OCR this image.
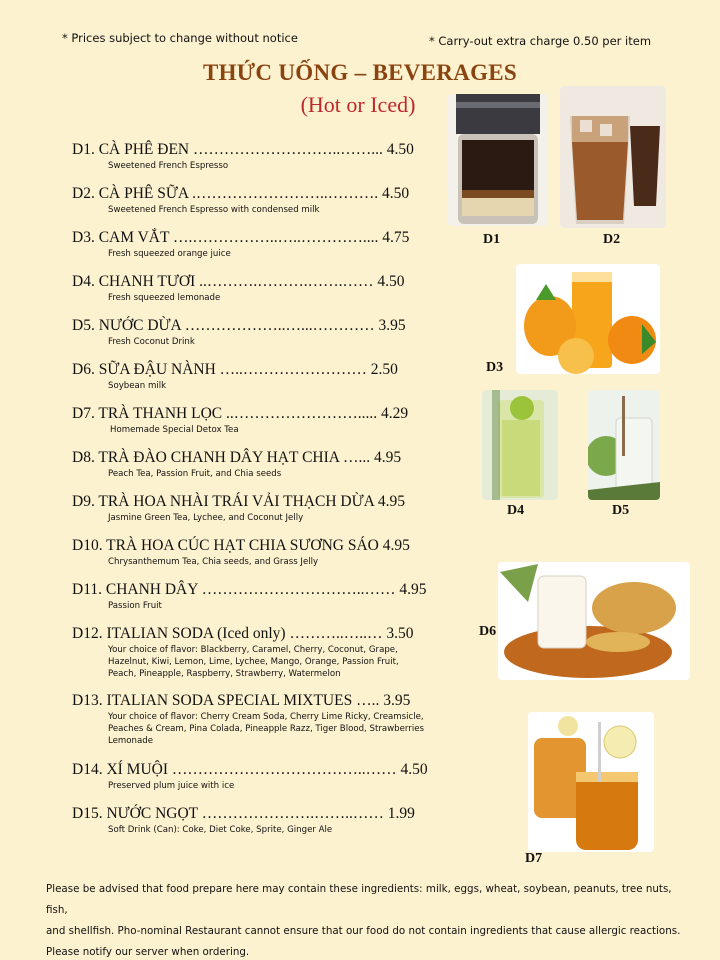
* Prices subject to change without notice	* Carry-out extra charge 0.50 per item
THỨC UỐNG – BEVERAGES
(Hot or Iced)
D1. CÀ PHÊ ĐEN ………………………..……... 4.50
Sweetened French Espresso
D2. CÀ PHÊ SỮA .……………………..………. 4.50
Sweetened French Espresso with condensed milk
D3. CAM VẮT ….……………..…..………….... 4.75
Fresh squeezed orange juice
D4. CHANH TƯƠI ..……….……….…….…… 4.50
Fresh squeezed lemonade
D5. NƯỚC DỪA ………………..…...………… 3.95
Fresh Coconut Drink
D6. SỮA ĐẬU NÀNH …..…………………… 2.50
Soybean milk
D7. TRÀ THANH LỌC ..……………………..... 4.29
Homemade Special Detox Tea
D8. TRÀ ĐÀO CHANH DÂY HẠT CHIA …... 4.95
Peach Tea, Passion Fruit, and Chia seeds
D9. TRÀ HOA NHÀI TRÁI VẢI THẠCH DỪA 4.95
Jasmine Green Tea, Lychee, and Coconut Jelly
D10. TRÀ HOA CÚC HẠT CHIA SƯƠNG SÁO 4.95
Chrysanthemum Tea, Chia seeds, and Grass Jelly
D11. CHANH DÂY …………………………..…… 4.95
Passion Fruit
D12. ITALIAN SODA (Iced only) ………..…..… 3.50
Your choice of flavor: Blackberry, Caramel, Cherry, Coconut, Grape, Hazelnut, Kiwi, Lemon, Lime, Lychee, Mango, Orange, Passion Fruit, Peach, Pineapple, Raspberry, Strawberry, Watermelon
D13. ITALIAN SODA SPECIAL MIXTUES ….. 3.95
Your choice of flavor: Cherry Cream Soda, Cherry Lime Ricky, Creamsicle, Peaches & Cream, Pina Colada, Pineapple Razz, Tiger Blood, Strawberries Lemonade
D14. XÍ MUỘI ………………………………..…… 4.50
Preserved plum juice with ice
D15. NƯỚC NGỌT ………………….……..…… 1.99
Soft Drink (Can): Coke, Diet Coke, Sprite, Ginger Ale
D1	D2
D3
D4	D5
D6
D7
Please be advised that food prepare here may contain these ingredients: milk, eggs, wheat, soybean, peanuts, tree nuts, fish,
and shellfish. Pho-nominal Restaurant cannot ensure that our food do not contain ingredients that cause allergic reactions.
Please notify our server when ordering.
